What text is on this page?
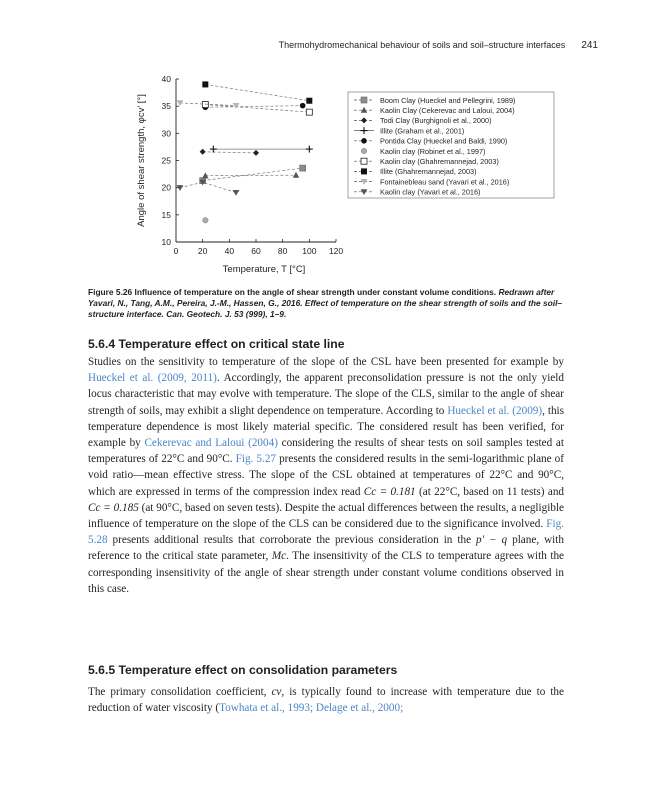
Thermohydromechanical behaviour of soils and soil–structure interfaces 241
0 20 40 60 80 100 120
10
15
20
25
30
35
40
Temperature, T [°C]
Angle of shear strength, φcv' [°]	Boom Clay (Hueckel and Pellegrini, 1989)
Kaolin Clay (Cekerevac and Laloui, 2004)
Todi Clay (Burghignoli et al., 2000)
Illite (Graham et al., 2001)
Pontida Clay (Hueckel and Baldi, 1990)
Kaolin clay (Robinet et al., 1997)
Kaolin clay (Ghahremannejad, 2003)
Illite (Ghahremannejad, 2003)
Fontainebleau sand (Yavari et al., 2016)
Kaolin clay (Yavari et al., 2016)
Figure 5.26 Influence of temperature on the angle of shear strength under constant volume conditions. Redrawn after Yavari, N., Tang, A.M., Pereira, J.-M., Hassen, G., 2016. Effect of temperature on the shear strength of soils and the soil–structure interface. Can. Geotech. J. 53 (999), 1–9.
5.6.4 Temperature effect on critical state line
Studies on the sensitivity to temperature of the slope of the CSL have been presented for example by Hueckel et al. (2009, 2011). Accordingly, the apparent preconsolidation pressure is not the only yield locus characteristic that may evolve with temperature. The slope of the CLS, similar to the angle of shear strength of soils, may exhibit a slight dependence on temperature. According to Hueckel et al. (2009), this temperature dependence is most likely material specific. The considered result has been verified, for example by Cekerevac and Laloui (2004) considering the results of shear tests on soil samples tested at temperatures of 22°C and 90°C. Fig. 5.27 presents the considered results in the semi-logarithmic plane of void ratio—mean effective stress. The slope of the CSL obtained at temperatures of 22°C and 90°C, which are expressed in terms of the compression index read Cc = 0.181 (at 22°C, based on 11 tests) and Cc = 0.185 (at 90°C, based on seven tests). Despite the actual differences between the results, a negligible influence of temperature on the slope of the CLS can be considered due to the significance involved. Fig. 5.28 presents additional results that corroborate the previous consideration in the p′ − q plane, with reference to the critical state parameter, Mc. The insensitivity of the CLS to temperature agrees with the corresponding insensitivity of the angle of shear strength under constant volume conditions observed in this case.
5.6.5 Temperature effect on consolidation parameters
The primary consolidation coefficient, cv, is typically found to increase with temperature due to the reduction of water viscosity (Towhata et al., 1993; Delage et al., 2000;
